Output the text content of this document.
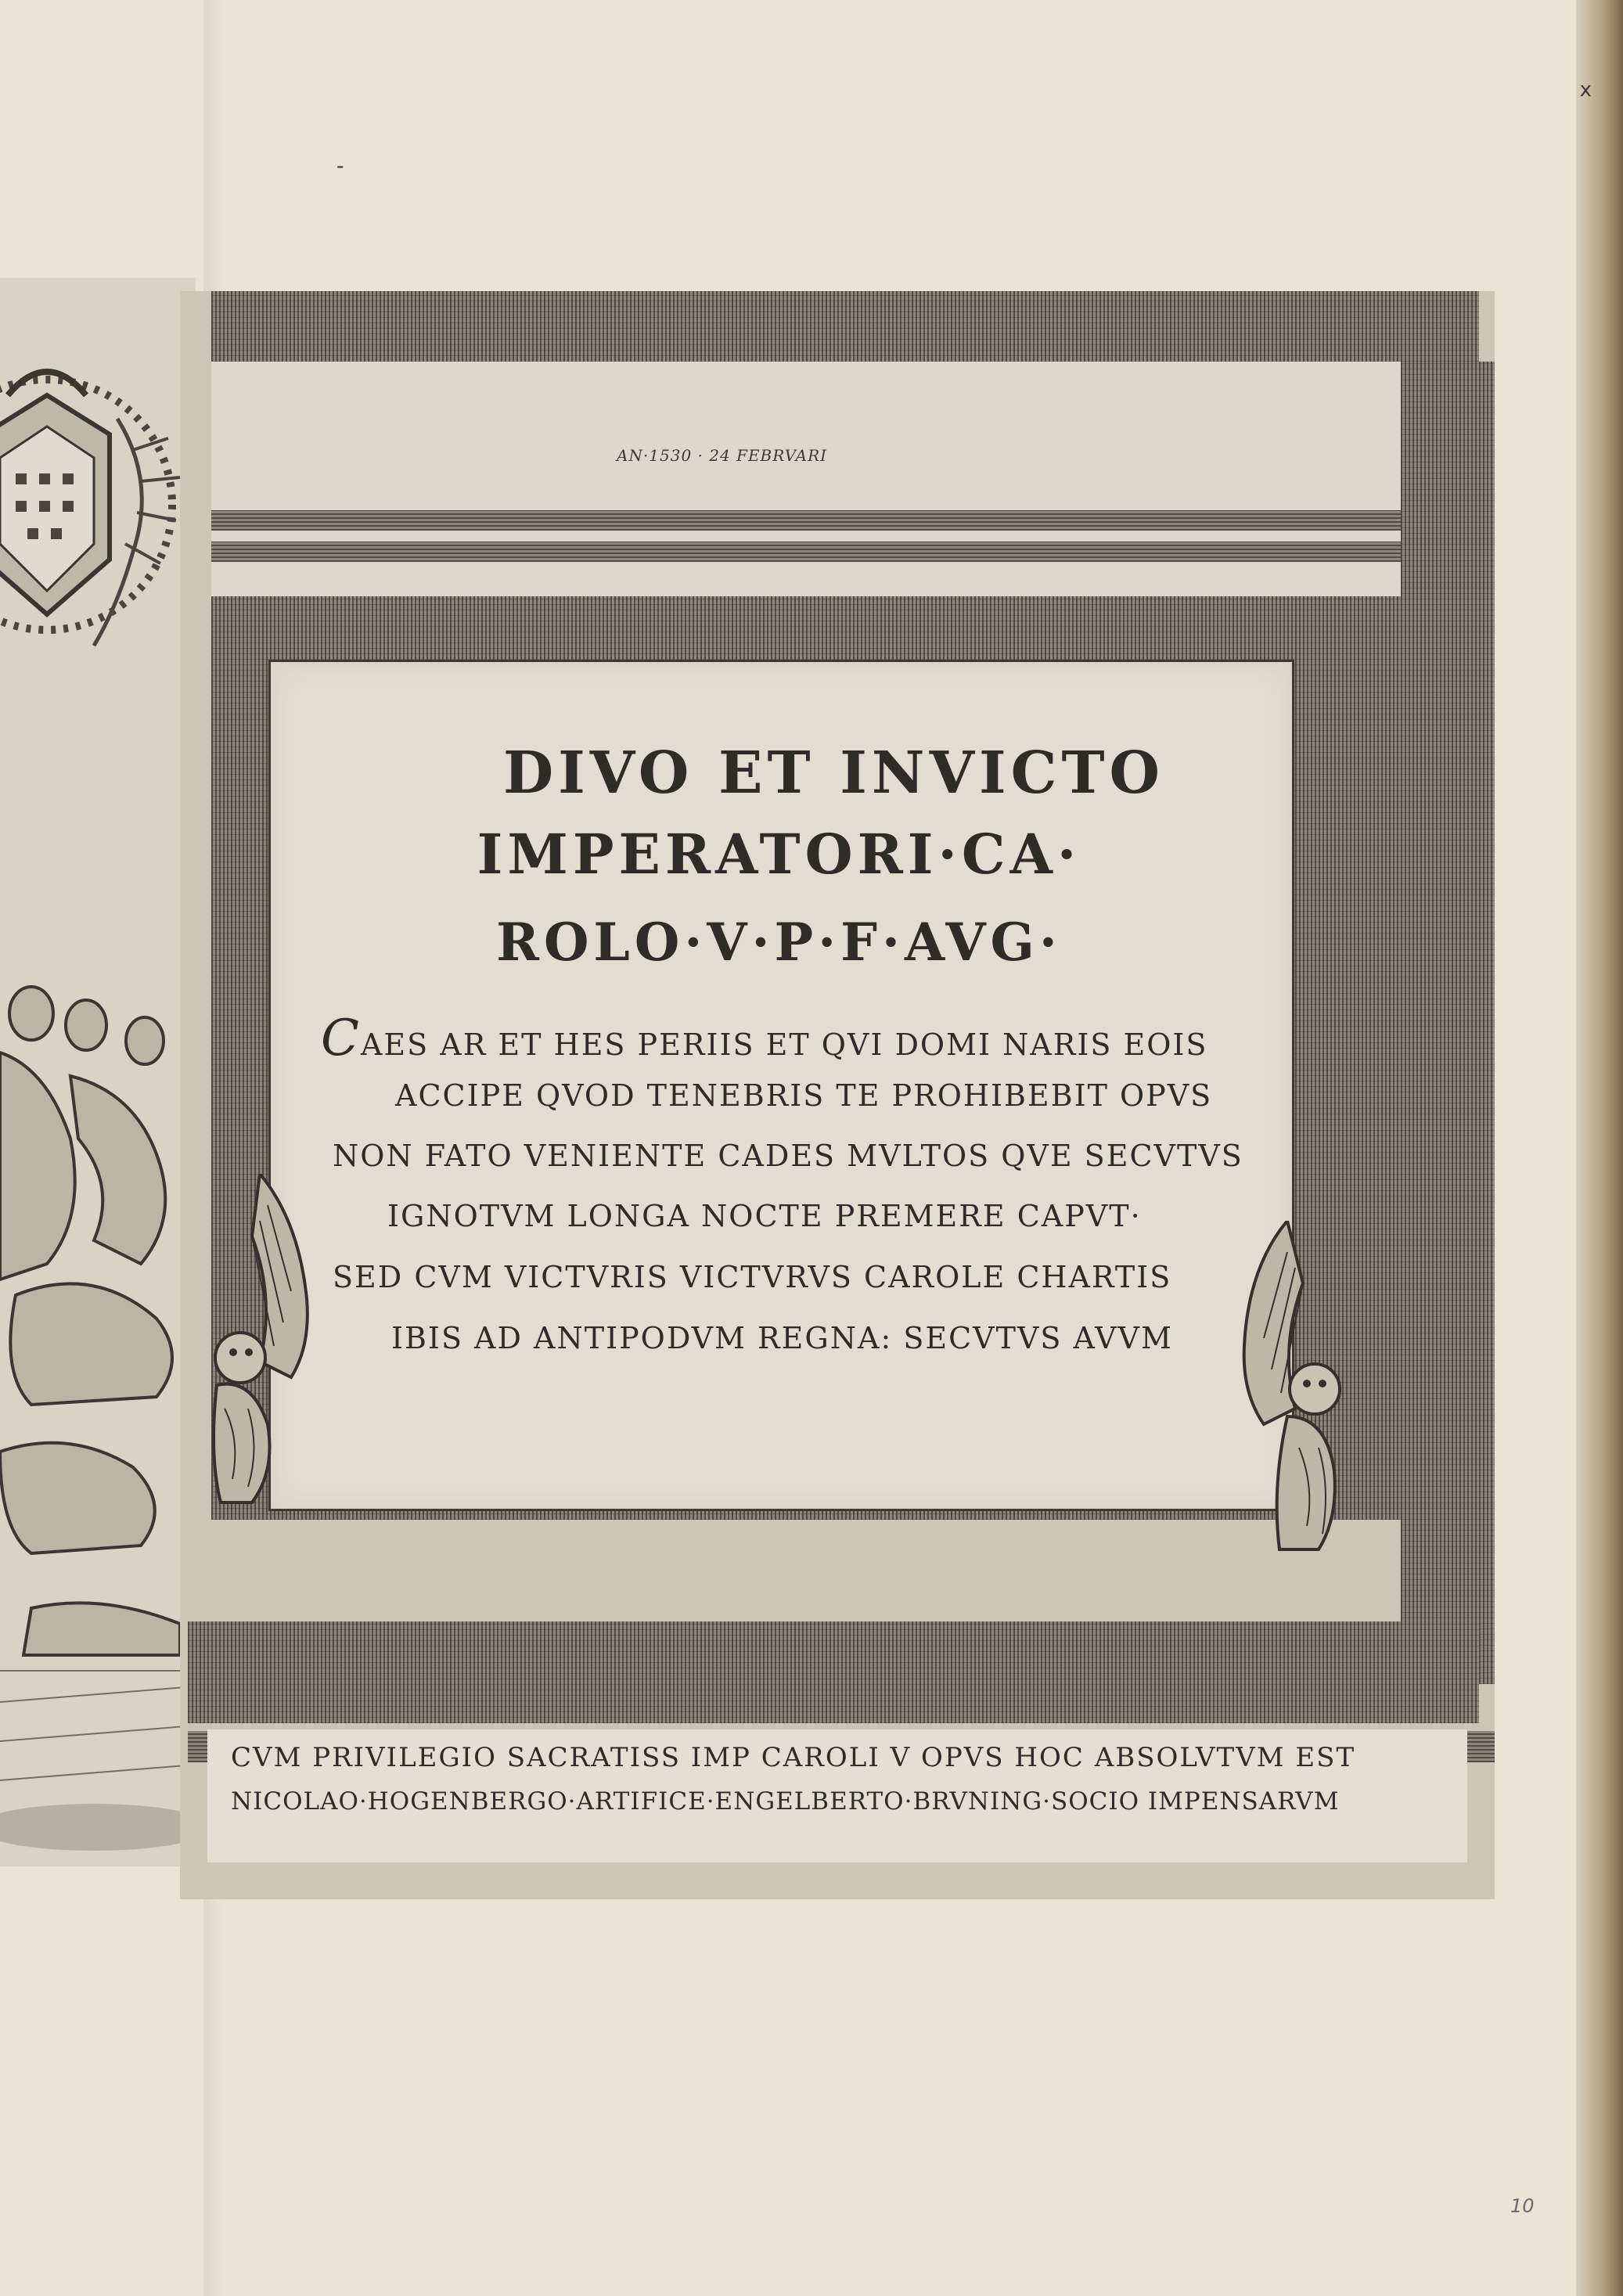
x
-
AN·1530 · 24 FEBRVARI
DIVO ET INVICTO
IMPERATORI·CA·
ROLO·V·P·F·AVG·
CAES AR ET HES PERIIS ET QVI DOMI NARIS EOIS
ACCIPE QVOD TENEBRIS TE PROHIBEBIT OPVS
NON FATO VENIENTE CADES MVLTOS QVE SECVTVS
IGNOTVM LONGA NOCTE PREMERE CAPVT·
SED CVM VICTVRIS VICTVRVS CAROLE CHARTIS
IBIS AD ANTIPODVM REGNA: SECVTVS AVVM
CVM PRIVILEGIO SACRATISS IMP CAROLI V OPVS HOC ABSOLVTVM EST
NICOLAO·HOGENBERGO·ARTIFICE·ENGELBERTO·BRVNING·SOCIO IMPENSARVM
10
